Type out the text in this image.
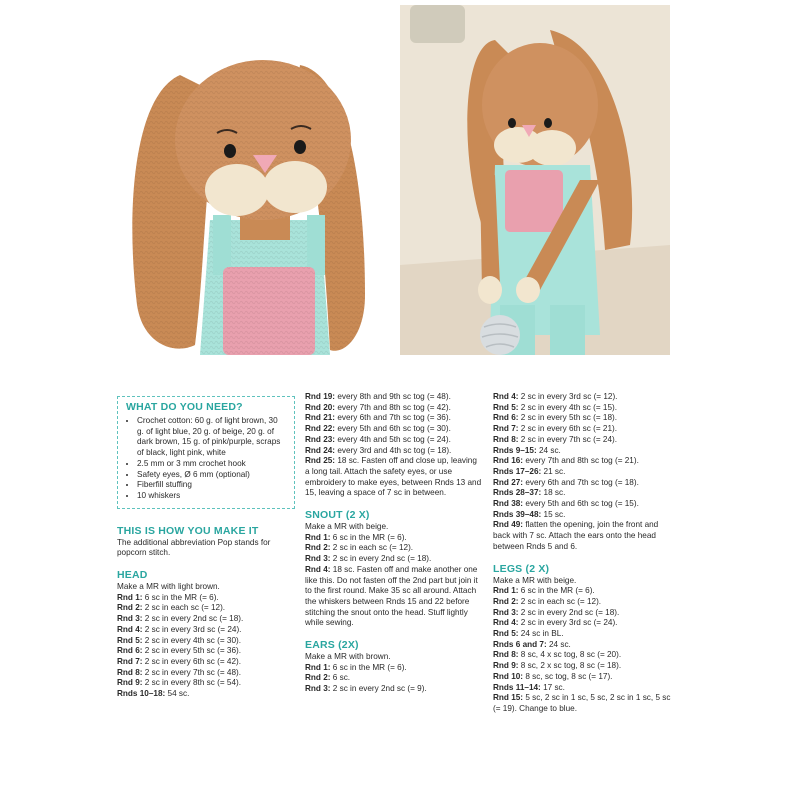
WHAT DO YOU NEED?
• Crochet cotton: 60 g. of light brown, 30 g. of light blue, 20 g. of beige, 20 g. of dark brown, 15 g. of pink/purple, scraps of black, light pink, white
• 2.5 mm or 3 mm crochet hook
• Safety eyes, Ø 6 mm (optional)
• Fiberfill stuffing
• 10 whiskers
THIS IS HOW YOU MAKE IT
The additional abbreviation Pop stands for popcorn stitch.
HEAD
Make a MR with light brown.
Rnd 1: 6 sc in the MR (= 6).
Rnd 2: 2 sc in each sc (= 12).
Rnd 3: 2 sc in every 2nd sc (= 18).
Rnd 4: 2 sc in every 3rd sc (= 24).
Rnd 5: 2 sc in every 4th sc (= 30).
Rnd 6: 2 sc in every 5th sc (= 36).
Rnd 7: 2 sc in every 6th sc (= 42).
Rnd 8: 2 sc in every 7th sc (= 48).
Rnd 9: 2 sc in every 8th sc (= 54).
Rnds 10–18: 54 sc.
Rnd 19: every 8th and 9th sc tog (= 48).
Rnd 20: every 7th and 8th sc tog (= 42).
Rnd 21: every 6th and 7th sc tog (= 36).
Rnd 22: every 5th and 6th sc tog (= 30).
Rnd 23: every 4th and 5th sc tog (= 24).
Rnd 24: every 3rd and 4th sc tog (= 18).
Rnd 25: 18 sc. Fasten off and close up, leaving a long tail. Attach the safety eyes, or use embroidery to make eyes, between Rnds 13 and 15, leaving a space of 7 sc in between.
SNOUT (2 X)
Make a MR with beige.
Rnd 1: 6 sc in the MR (= 6).
Rnd 2: 2 sc in each sc (= 12).
Rnd 3: 2 sc in every 2nd sc (= 18).
Rnd 4: 18 sc. Fasten off and make another one like this. Do not fasten off the 2nd part but join it to the first round. Make 35 sc all around. Attach the whiskers between Rnds 15 and 22 before stitching the snout onto the head. Stuff lightly while sewing.
EARS (2X)
Make a MR with brown.
Rnd 1: 6 sc in the MR (= 6).
Rnd 2: 6 sc.
Rnd 3: 2 sc in every 2nd sc (= 9).
Rnd 4: 2 sc in every 3rd sc (= 12).
Rnd 5: 2 sc in every 4th sc (= 15).
Rnd 6: 2 sc in every 5th sc (= 18).
Rnd 7: 2 sc in every 6th sc (= 21).
Rnd 8: 2 sc in every 7th sc (= 24).
Rnds 9–15: 24 sc.
Rnd 16: every 7th and 8th sc tog (= 21).
Rnds 17–26: 21 sc.
Rnd 27: every 6th and 7th sc tog (= 18).
Rnds 28–37: 18 sc.
Rnd 38: every 5th and 6th sc tog (= 15).
Rnds 39–48: 15 sc.
Rnd 49: flatten the opening, join the front and back with 7 sc. Attach the ears onto the head between Rnds 5 and 6.
LEGS (2 X)
Make a MR with beige.
Rnd 1: 6 sc in the MR (= 6).
Rnd 2: 2 sc in each sc (= 12).
Rnd 3: 2 sc in every 2nd sc (= 18).
Rnd 4: 2 sc in every 3rd sc (= 24).
Rnd 5: 24 sc in BL.
Rnds 6 and 7: 24 sc.
Rnd 8: 8 sc, 4 x sc tog, 8 sc (= 20).
Rnd 9: 8 sc, 2 x sc tog, 8 sc (= 18).
Rnd 10: 8 sc, sc tog, 8 sc (= 17).
Rnds 11–14: 17 sc.
Rnd 15: 5 sc, 2 sc in 1 sc, 5 sc, 2 sc in 1 sc, 5 sc (= 19). Change to blue.
